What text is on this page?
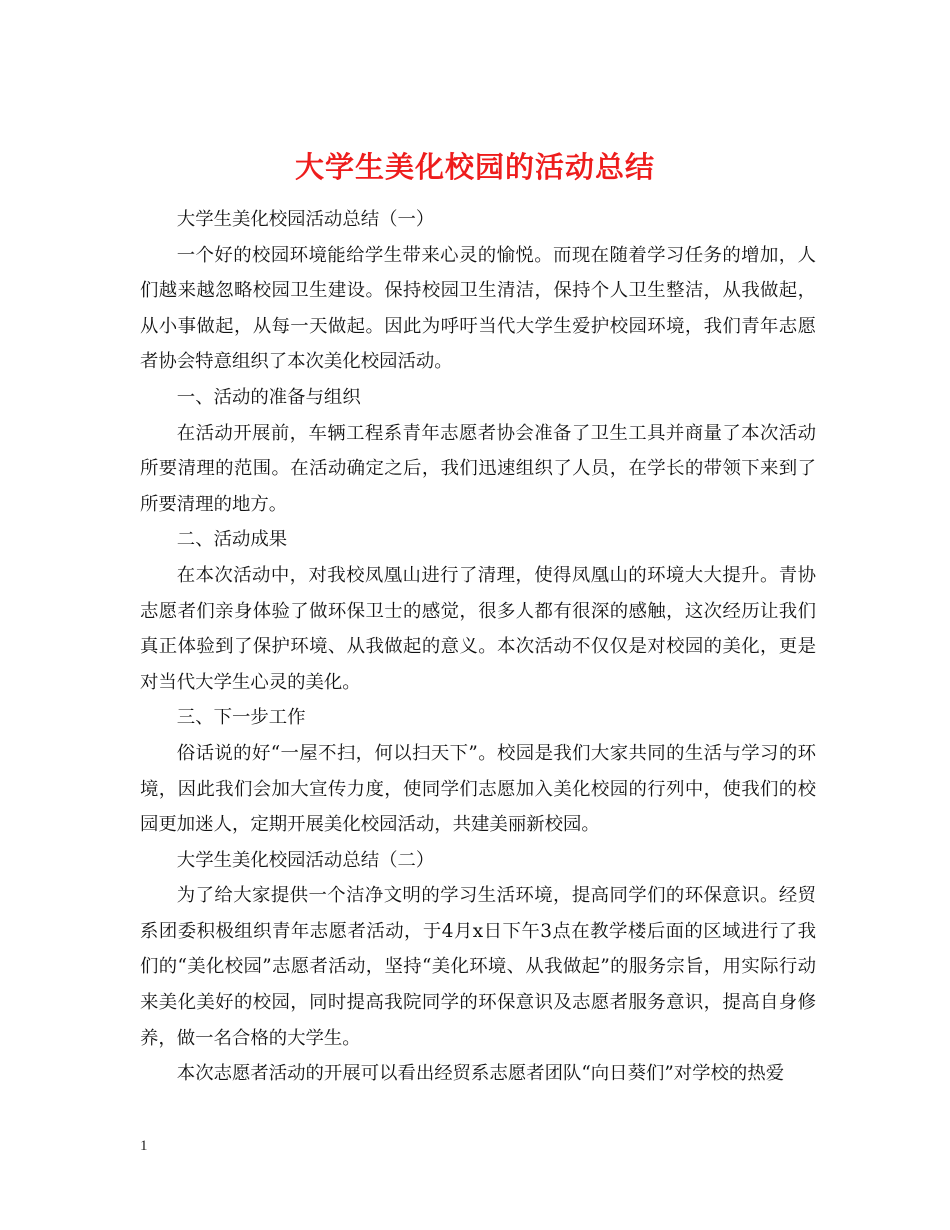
大学生美化校园的活动总结

大学生美化校园活动总结（一）

一个好的校园环境能给学生带来心灵的愉悦。而现在随着学习任务的增加，人们越来越忽略校园卫生建设。保持校园卫生清洁，保持个人卫生整洁，从我做起，从小事做起，从每一天做起。因此为呼吁当代大学生爱护校园环境，我们青年志愿者协会特意组织了本次美化校园活动。

一、活动的准备与组织

在活动开展前，车辆工程系青年志愿者协会准备了卫生工具并商量了本次活动所要清理的范围。在活动确定之后，我们迅速组织了人员，在学长的带领下来到了所要清理的地方。

二、活动成果

在本次活动中，对我校凤凰山进行了清理，使得凤凰山的环境大大提升。青协志愿者们亲身体验了做环保卫士的感觉，很多人都有很深的感触，这次经历让我们真正体验到了保护环境、从我做起的意义。本次活动不仅仅是对校园的美化，更是对当代大学生心灵的美化。

三、下一步工作

俗话说的好“一屋不扫，何以扫天下”。校园是我们大家共同的生活与学习的环境，因此我们会加大宣传力度，使同学们志愿加入美化校园的行列中，使我们的校园更加迷人，定期开展美化校园活动，共建美丽新校园。

大学生美化校园活动总结（二）

为了给大家提供一个洁净文明的学习生活环境，提高同学们的环保意识。经贸系团委积极组织青年志愿者活动，于4月x日下午3点在教学楼后面的区域进行了我们的“美化校园”志愿者活动，坚持“美化环境、从我做起”的服务宗旨，用实际行动来美化美好的校园，同时提高我院同学的环保意识及志愿者服务意识，提高自身修养，做一名合格的大学生。

本次志愿者活动的开展可以看出经贸系志愿者团队“向日葵们”对学校的热爱

1
